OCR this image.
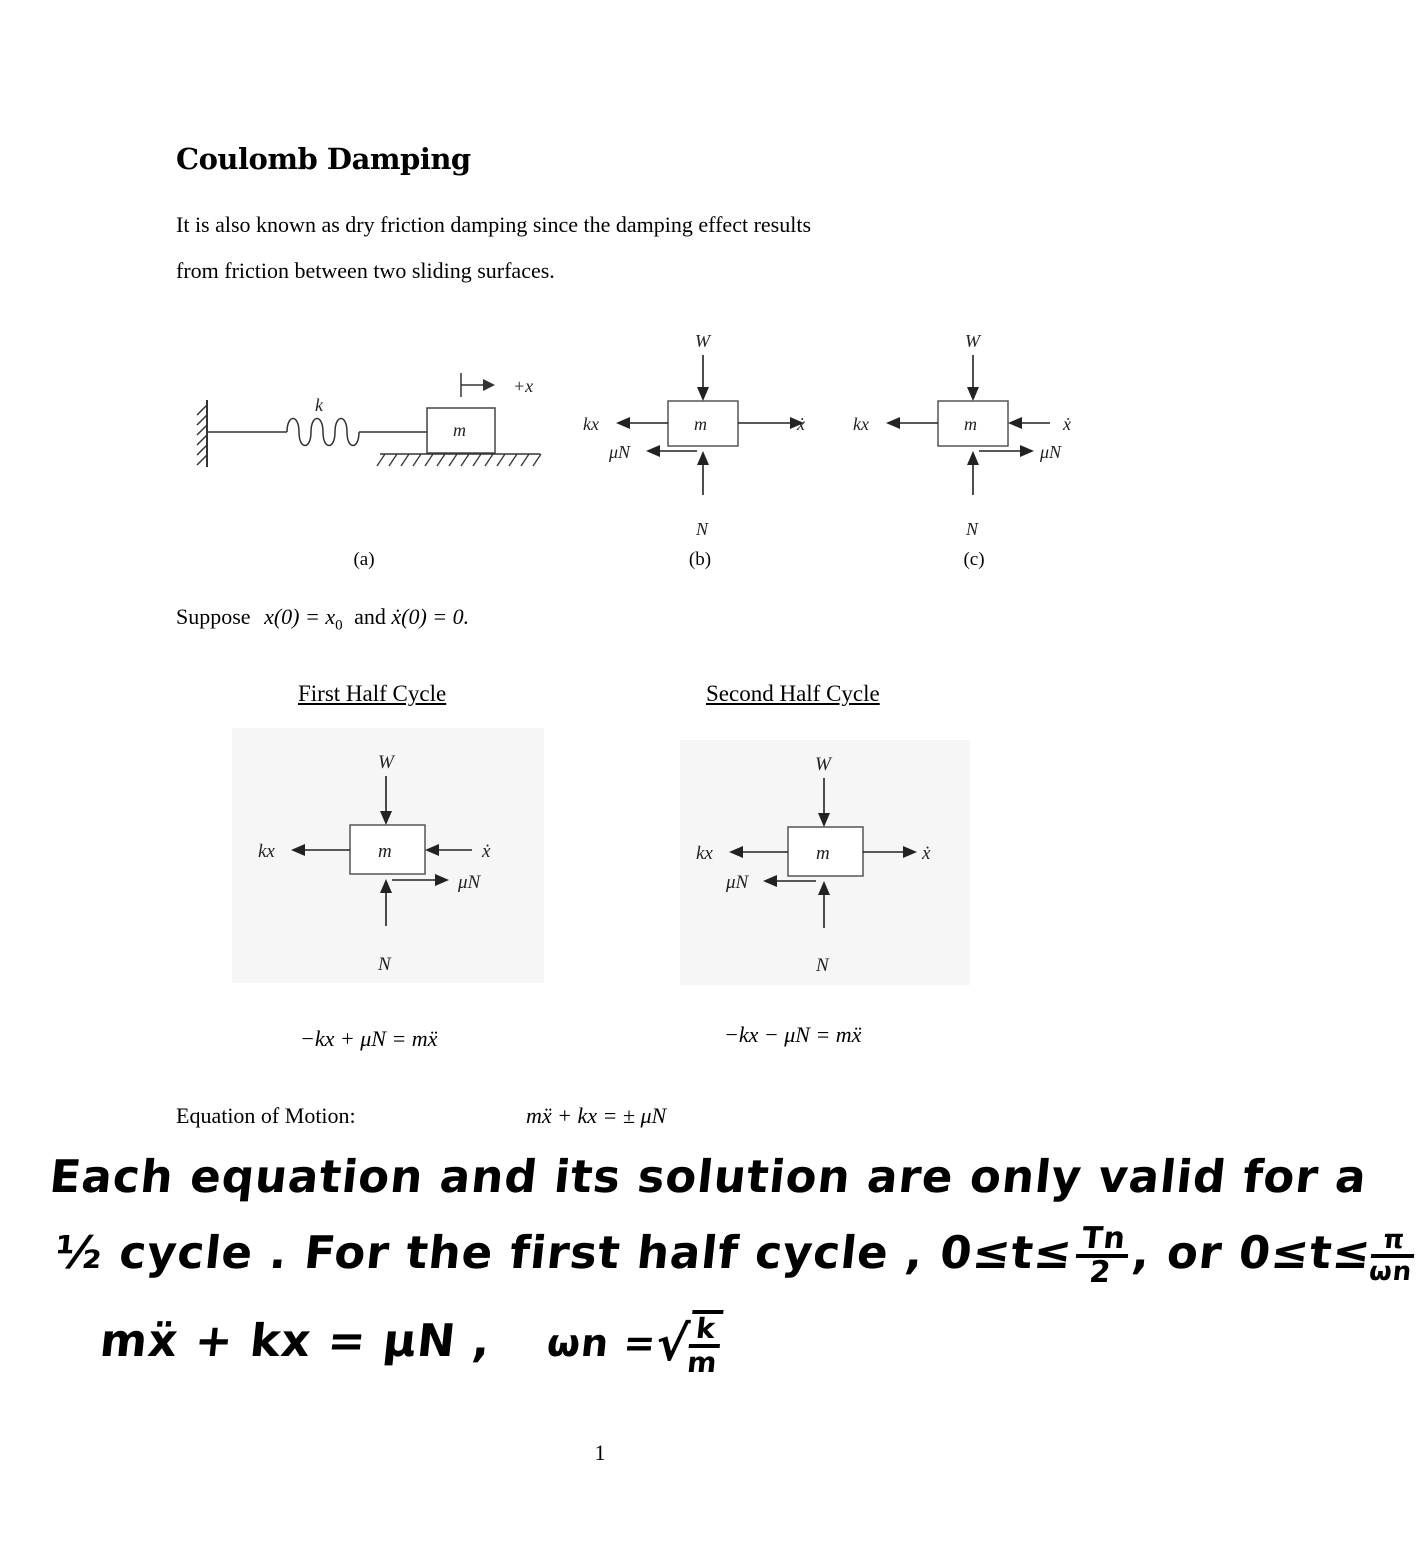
Coulomb Damping
It is also known as dry friction damping since the damping effect results
from friction between two sliding surfaces.
k
m
+x
(a)
W
m
kx	ẋ
μN
N
(b)
W
m
kx	ẋ
μN
N
(c)
Suppose $x(0) = x_0$ and ẋ(0) = 0.
First Half Cycle	Second Half Cycle
W
m
kx	ẋ
μN
N
W
m
kx	ẋ
μN
N
−kx + μN = mẍ	−kx − μN = mẍ
Equation of Motion:	mẍ + kx = ± μN
Each equation and its solution are only valid for a
½ cycle . For the first half cycle , 0≤t≤
$\frac{Tn}{2}$
, or 0≤t≤
$\frac{\pi}{\omega n}$
mẍ + kx = μN , ωn =√
$\frac{k}{m}$
1
